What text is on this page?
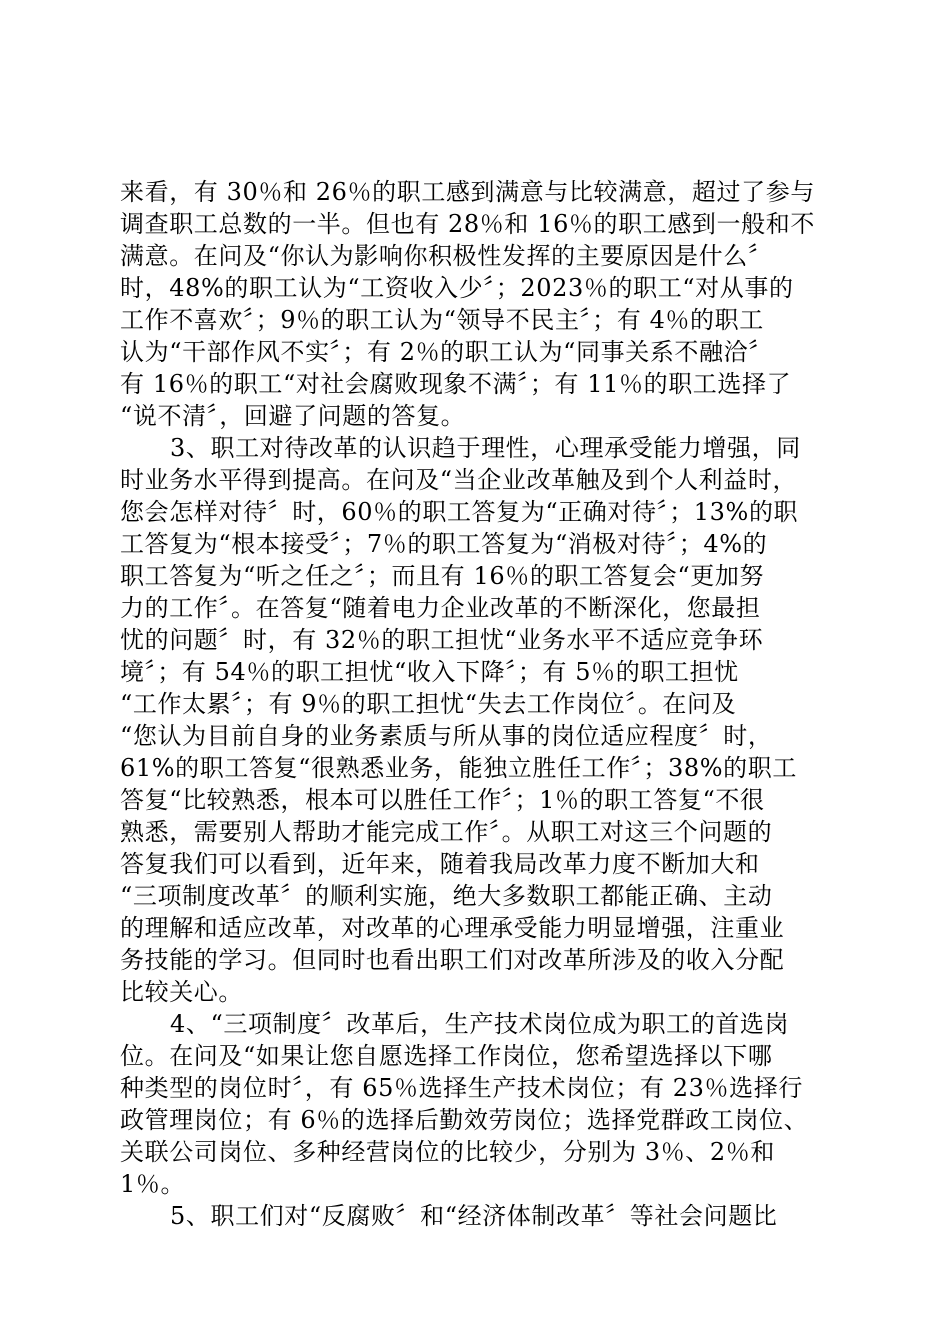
来看，有 30％和 26％的职工感到满意与比较满意，超过了参与
调查职工总数的一半。但也有 28％和 16％的职工感到一般和不
满意。在问及“你认为影响你积极性发挥的主要原因是什么〞
时，48%的职工认为“工资收入少〞；2023％的职工“对从事的
工作不喜欢〞；9％的职工认为“领导不民主〞；有 4％的职工
认为“干部作风不实〞；有 2％的职工认为“同事关系不融洽〞
有 16％的职工“对社会腐败现象不满〞；有 11％的职工选择了
“说不清〞，回避了问题的答复。
3、职工对待改革的认识趋于理性，心理承受能力增强，同
时业务水平得到提高。在问及“当企业改革触及到个人利益时，
您会怎样对待〞时，60％的职工答复为“正确对待〞；13%的职
工答复为“根本接受〞；7％的职工答复为“消极对待〞；4%的
职工答复为“听之任之〞；而且有 16％的职工答复会“更加努
力的工作〞。在答复“随着电力企业改革的不断深化，您最担
忧的问题〞时，有 32％的职工担忧“业务水平不适应竞争环
境〞；有 54％的职工担忧“收入下降〞；有 5％的职工担忧
“工作太累〞；有 9％的职工担忧“失去工作岗位〞。在问及
“您认为目前自身的业务素质与所从事的岗位适应程度〞时，
61%的职工答复“很熟悉业务，能独立胜任工作〞；38%的职工
答复“比较熟悉，根本可以胜任工作〞；1％的职工答复“不很
熟悉，需要别人帮助才能完成工作〞。从职工对这三个问题的
答复我们可以看到，近年来，随着我局改革力度不断加大和
“三项制度改革〞的顺利实施，绝大多数职工都能正确、主动
的理解和适应改革，对改革的心理承受能力明显增强，注重业
务技能的学习。但同时也看出职工们对改革所涉及的收入分配
比较关心。
4、“三项制度〞改革后，生产技术岗位成为职工的首选岗
位。在问及“如果让您自愿选择工作岗位，您希望选择以下哪
种类型的岗位时〞，有 65％选择生产技术岗位；有 23％选择行
政管理岗位；有 6％的选择后勤效劳岗位；选择党群政工岗位、
关联公司岗位、多种经营岗位的比较少，分别为 3％、2％和
1％。
5、职工们对“反腐败〞和“经济体制改革〞等社会问题比
